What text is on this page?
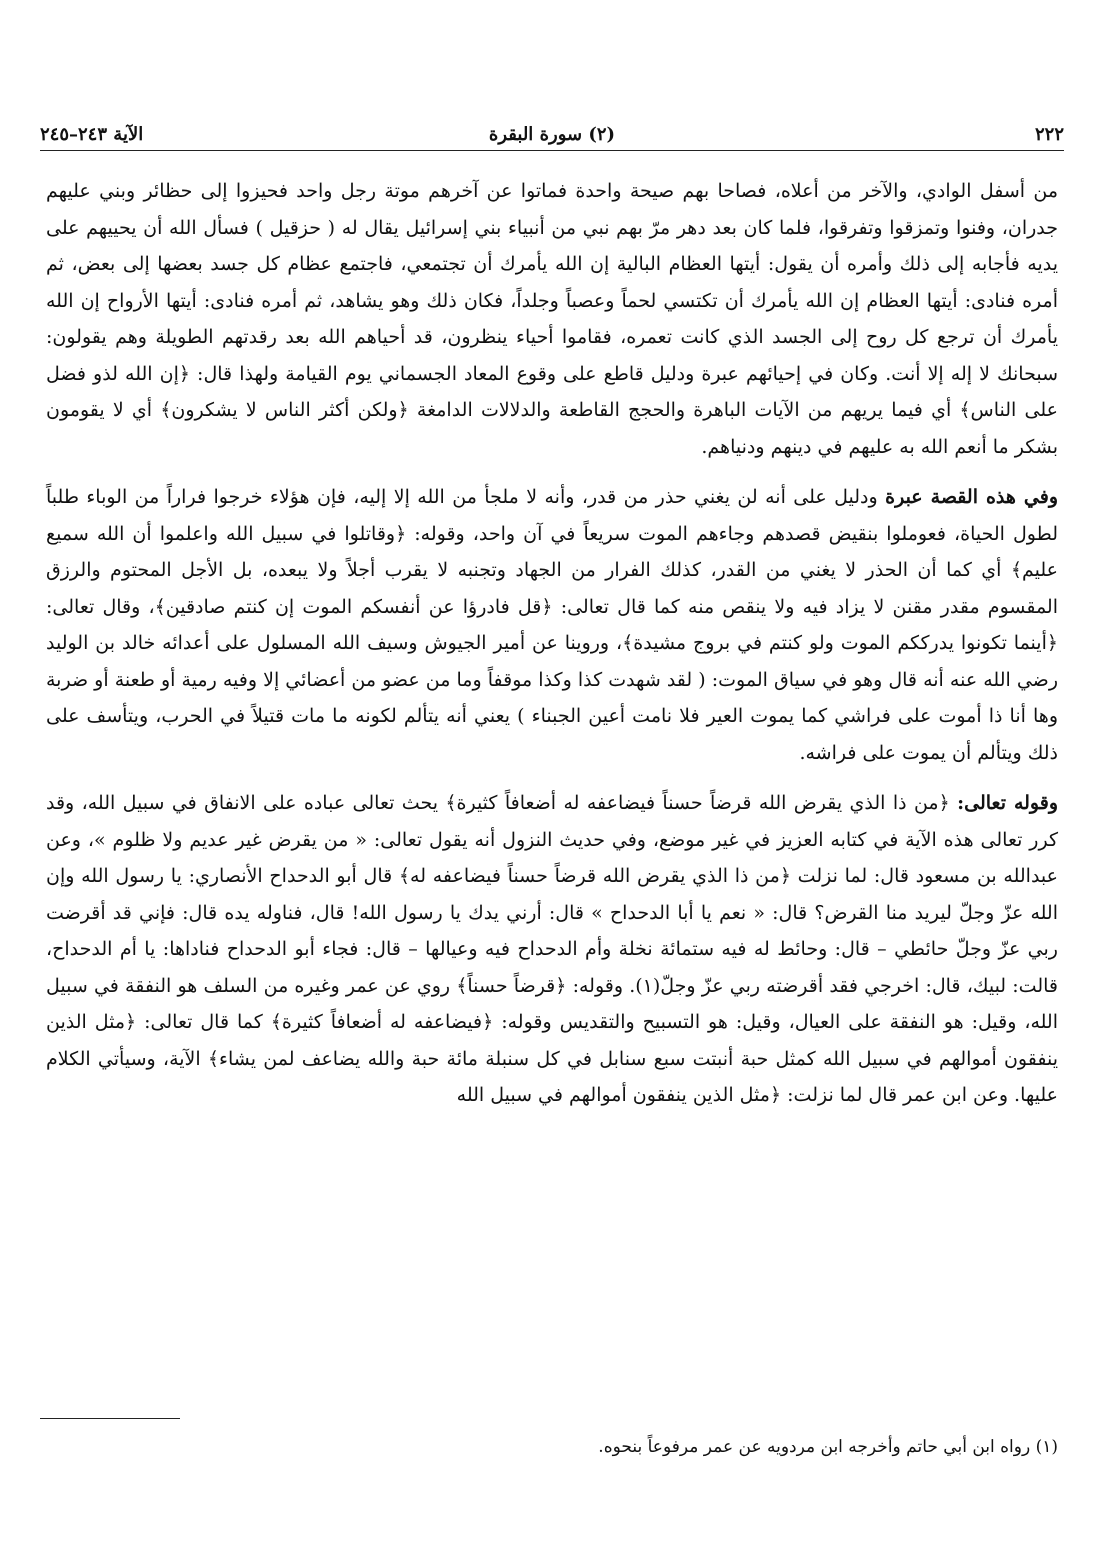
٢٢٢
(٢) سورة البقرة
الآية ٢٤٣–٢٤٥

من أسفل الوادي، والآخر من أعلاه، فصاحا بهم صيحة واحدة فماتوا عن آخرهم موتة رجل واحد فحيزوا إلى حظائر وبني عليهم جدران، وفنوا وتمزقوا وتفرقوا، فلما كان بعد دهر مرّ بهم نبي من أنبياء بني إسرائيل يقال له ( حزقيل ) فسأل الله أن يحييهم على يديه فأجابه إلى ذلك وأمره أن يقول: أيتها العظام البالية إن الله يأمرك أن تجتمعي، فاجتمع عظام كل جسد بعضها إلى بعض، ثم أمره فنادى: أيتها العظام إن الله يأمرك أن تكتسي لحماً وعصباً وجلداً، فكان ذلك وهو يشاهد، ثم أمره فنادى: أيتها الأرواح إن الله يأمرك أن ترجع كل روح إلى الجسد الذي كانت تعمره، فقاموا أحياء ينظرون، قد أحياهم الله بعد رقدتهم الطويلة وهم يقولون: سبحانك لا إله إلا أنت. وكان في إحيائهم عبرة ودليل قاطع على وقوع المعاد الجسماني يوم القيامة ولهذا قال: ﴿إن الله لذو فضل على الناس﴾ أي فيما يريهم من الآيات الباهرة والحجج القاطعة والدلالات الدامغة ﴿ولكن أكثر الناس لا يشكرون﴾ أي لا يقومون بشكر ما أنعم الله به عليهم في دينهم ودنياهم.

وفي هذه القصة عبرة ودليل على أنه لن يغني حذر من قدر، وأنه لا ملجأ من الله إلا إليه، فإن هؤلاء خرجوا فراراً من الوباء طلباً لطول الحياة، فعوملوا بنقيض قصدهم وجاءهم الموت سريعاً في آن واحد، وقوله: ﴿وقاتلوا في سبيل الله واعلموا أن الله سميع عليم﴾ أي كما أن الحذر لا يغني من القدر، كذلك الفرار من الجهاد وتجنبه لا يقرب أجلاً ولا يبعده، بل الأجل المحتوم والرزق المقسوم مقدر مقنن لا يزاد فيه ولا ينقص منه كما قال تعالى: ﴿قل فادرؤا عن أنفسكم الموت إن كنتم صادقين﴾، وقال تعالى: ﴿أينما تكونوا يدرككم الموت ولو كنتم في بروج مشيدة﴾، وروينا عن أمير الجيوش وسيف الله المسلول على أعدائه خالد بن الوليد رضي الله عنه أنه قال وهو في سياق الموت: ( لقد شهدت كذا وكذا موقفاً وما من عضو من أعضائي إلا وفيه رمية أو طعنة أو ضربة وها أنا ذا أموت على فراشي كما يموت العير فلا نامت أعين الجبناء ) يعني أنه يتألم لكونه ما مات قتيلاً في الحرب، ويتأسف على ذلك ويتألم أن يموت على فراشه.

وقوله تعالى: ﴿من ذا الذي يقرض الله قرضاً حسناً فيضاعفه له أضعافاً كثيرة﴾ يحث تعالى عباده على الانفاق في سبيل الله، وقد كرر تعالى هذه الآية في كتابه العزيز في غير موضع، وفي حديث النزول أنه يقول تعالى: « من يقرض غير عديم ولا ظلوم »، وعن عبدالله بن مسعود قال: لما نزلت ﴿من ذا الذي يقرض الله قرضاً حسناً فيضاعفه له﴾ قال أبو الدحداح الأنصاري: يا رسول الله وإن الله عزّ وجلّ ليريد منا القرض؟ قال: « نعم يا أبا الدحداح » قال: أرني يدك يا رسول الله! قال، فناوله يده قال: فإني قد أقرضت ربي عزّ وجلّ حائطي – قال: وحائط له فيه ستمائة نخلة وأم الدحداح فيه وعيالها – قال: فجاء أبو الدحداح فناداها: يا أم الدحداح، قالت: لبيك، قال: اخرجي فقد أقرضته ربي عزّ وجلّ(١). وقوله: ﴿قرضاً حسناً﴾ روي عن عمر وغيره من السلف هو النفقة في سبيل الله، وقيل: هو النفقة على العيال، وقيل: هو التسبيح والتقديس وقوله: ﴿فيضاعفه له أضعافاً كثيرة﴾ كما قال تعالى: ﴿مثل الذين ينفقون أموالهم في سبيل الله كمثل حبة أنبتت سبع سنابل في كل سنبلة مائة حبة والله يضاعف لمن يشاء﴾ الآية، وسيأتي الكلام عليها. وعن ابن عمر قال لما نزلت: ﴿مثل الذين ينفقون أموالهم في سبيل الله

(١) رواه ابن أبي حاتم وأخرجه ابن مردويه عن عمر مرفوعاً بنحوه.
